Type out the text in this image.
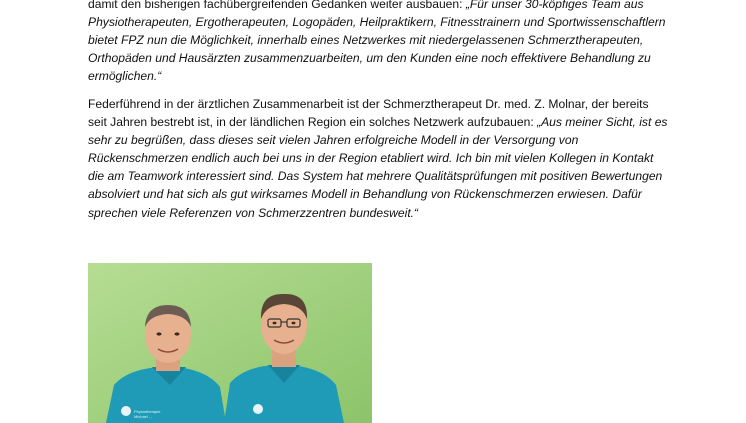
damit den bisherigen fachübergreifenden Gedanken weiter ausbauen: „Für unser 30-köpfiges Team aus Physiotherapeuten, Ergotherapeuten, Logopäden, Heilpraktikern, Fitnesstrainern und Sportwissenschaftlern bietet FPZ nun die Möglichkeit, innerhalb eines Netzwerkes mit niedergelassenen Schmerztherapeuten, Orthopäden und Hausärzten zusammenzuarbeiten, um den Kunden eine noch effektivere Behandlung zu ermöglichen.“

Federführend in der ärztlichen Zusammenarbeit ist der Schmerztherapeut Dr. med. Z. Molnar, der bereits seit Jahren bestrebt ist, in der ländlichen Region ein solches Netzwerk aufzubauen: „Aus meiner Sicht, ist es sehr zu begrüßen, dass dieses seit vielen Jahren erfolgreiche Modell in der Versorgung von Rückenschmerzen endlich auch bei uns in der Region etabliert wird. Ich bin mit vielen Kollegen in Kontakt die am Teamwork interessiert sind. Das System hat mehrere Qualitätsprüfungen mit positiven Bewertungen absolviert und hat sich als gut wirksames Modell in Behandlung von Rückenschmerzen erwiesen. Dafür sprechen viele Referenzen von Schmerzzentren bundesweit.“

Physiotherapie
Michael ...
